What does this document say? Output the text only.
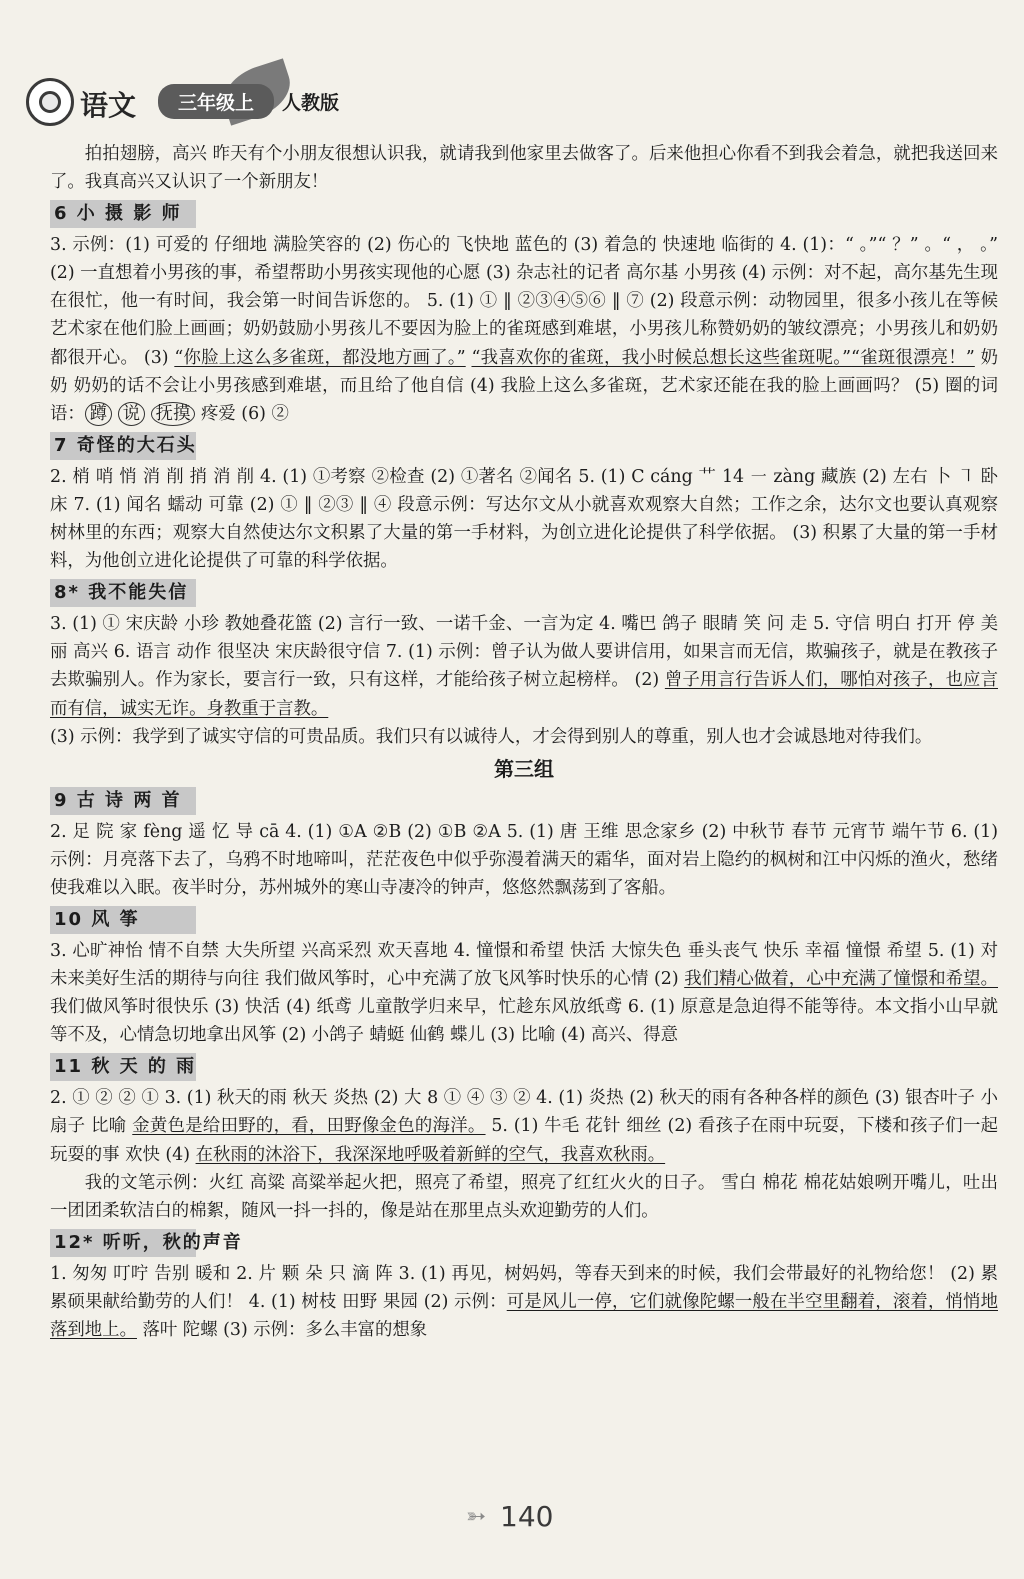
语文	三年级上	人教版

拍拍翅膀，高兴 昨天有个小朋友很想认识我，就请我到他家里去做客了。后来他担心你看不到我会着急，就把我送回来了。我真高兴又认识了一个新朋友！

6 小 摄 影 师

3. 示例：(1) 可爱的 仔细地 满脸笑容的 (2) 伤心的 飞快地 蓝色的 (3) 着急的 快速地 临街的 4. (1)：“ 。”“ ？” 。“ ， 。” (2) 一直想着小男孩的事，希望帮助小男孩实现他的心愿 (3) 杂志社的记者 高尔基 小男孩 (4) 示例：对不起，高尔基先生现在很忙，他一有时间，我会第一时间告诉您的。 5. (1) ① ‖ ②③④⑤⑥ ‖ ⑦ (2) 段意示例：动物园里，很多小孩儿在等候艺术家在他们脸上画画；奶奶鼓励小男孩儿不要因为脸上的雀斑感到难堪，小男孩儿称赞奶奶的皱纹漂亮；小男孩儿和奶奶都很开心。 (3) “你脸上这么多雀斑，都没地方画了。” “我喜欢你的雀斑，我小时候总想长这些雀斑呢。”“雀斑很漂亮！” 奶奶 奶奶的话不会让小男孩感到难堪，而且给了他自信 (4) 我脸上这么多雀斑，艺术家还能在我的脸上画画吗？ (5) 圈的词语： 蹲 说 抚摸 疼爱 (6) ②

7 奇怪的大石头

2. 梢 哨 悄 消 削 捎 消 削 4. (1) ①考察 ②检查 (2) ①著名 ②闻名 5. (1) C cáng 艹 14 ㇐ zàng 藏族 (2) 左右 卜 ㇕ 卧床 7. (1) 闻名 蠕动 可靠 (2) ① ‖ ②③ ‖ ④ 段意示例：写达尔文从小就喜欢观察大自然；工作之余，达尔文也要认真观察树林里的东西；观察大自然使达尔文积累了大量的第一手材料，为创立进化论提供了科学依据。 (3) 积累了大量的第一手材料，为他创立进化论提供了可靠的科学依据。

8* 我不能失信

3. (1) ① 宋庆龄 小珍 教她叠花篮 (2) 言行一致、一诺千金、一言为定 4. 嘴巴 鸽子 眼睛 笑 问 走 5. 守信 明白 打开 停 美丽 高兴 6. 语言 动作 很坚决 宋庆龄很守信 7. (1) 示例：曾子认为做人要讲信用，如果言而无信，欺骗孩子，就是在教孩子去欺骗别人。作为家长，要言行一致，只有这样，才能给孩子树立起榜样。 (2) 曾子用言行告诉人们，哪怕对孩子，也应言而有信，诚实无诈。身教重于言教。
(3) 示例：我学到了诚实守信的可贵品质。我们只有以诚待人，才会得到别人的尊重，别人也才会诚恳地对待我们。

第三组
9 古 诗 两 首

2. 足 院 家 fèng 遥 忆 导 cā 4. (1) ①A ②B (2) ①B ②A 5. (1) 唐 王维 思念家乡 (2) 中秋节 春节 元宵节 端午节 6. (1) 示例：月亮落下去了，乌鸦不时地啼叫，茫茫夜色中似乎弥漫着满天的霜华，面对岩上隐约的枫树和江中闪烁的渔火，愁绪使我难以入眠。夜半时分，苏州城外的寒山寺凄冷的钟声，悠悠然飘荡到了客船。

10 风 筝

3. 心旷神怡 情不自禁 大失所望 兴高采烈 欢天喜地 4. 憧憬和希望 快活 大惊失色 垂头丧气 快乐 幸福 憧憬 希望 5. (1) 对未来美好生活的期待与向往 我们做风筝时，心中充满了放飞风筝时快乐的心情 (2) 我们精心做着，心中充满了憧憬和希望。 我们做风筝时很快乐 (3) 快活 (4) 纸鸢 儿童散学归来早，忙趁东风放纸鸢 6. (1) 原意是急迫得不能等待。本文指小山早就等不及，心情急切地拿出风筝 (2) 小鸽子 蜻蜓 仙鹤 蝶儿 (3) 比喻 (4) 高兴、得意

11 秋 天 的 雨

2. ① ② ② ① 3. (1) 秋天的雨 秋天 炎热 (2) 大 8 ① ④ ③ ② 4. (1) 炎热 (2) 秋天的雨有各种各样的颜色 (3) 银杏叶子 小扇子 比喻 金黄色是给田野的，看，田野像金色的海洋。 5. (1) 牛毛 花针 细丝 (2) 看孩子在雨中玩耍，下楼和孩子们一起玩耍的事 欢快 (4) 在秋雨的沐浴下，我深深地呼吸着新鲜的空气，我喜欢秋雨。

我的文笔示例：火红 高粱 高粱举起火把，照亮了希望，照亮了红红火火的日子。 雪白 棉花 棉花姑娘咧开嘴儿，吐出一团团柔软洁白的棉絮，随风一抖一抖的，像是站在那里点头欢迎勤劳的人们。

12* 听听，秋的声音

1. 匆匆 叮咛 告别 暖和 2. 片 颗 朵 只 滴 阵 3. (1) 再见，树妈妈，等春天到来的时候，我们会带最好的礼物给您！ (2) 累累硕果献给勤劳的人们！ 4. (1) 树枝 田野 果园 (2) 示例：可是风儿一停，它们就像陀螺一般在半空里翻着，滚着，悄悄地落到地上。 落叶 陀螺 (3) 示例：多么丰富的想象

➳ 140
